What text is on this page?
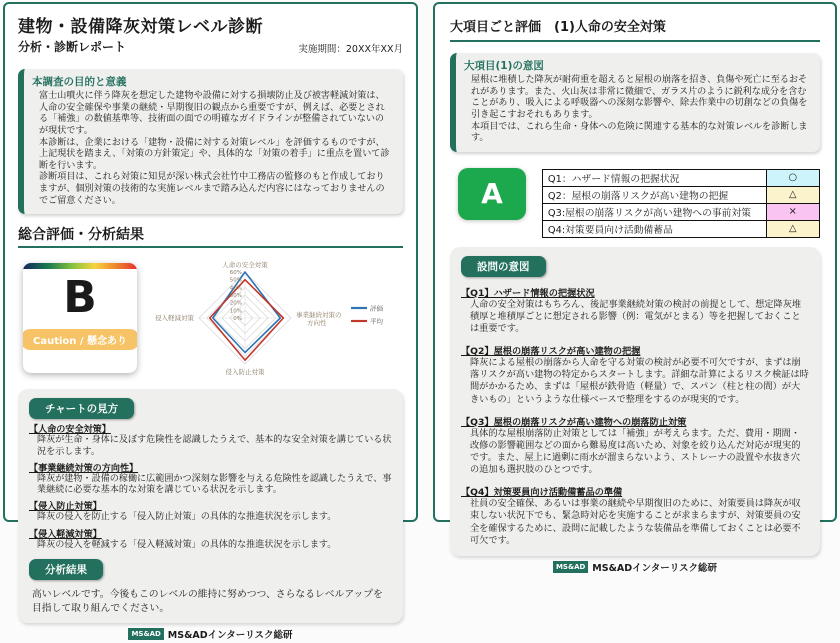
建物・設備降灰対策レベル診断
分析・診断レポート	実施期間：20XX年XX月
本調査の目的と意義

富士山噴火に伴う降灰を想定した建物や設備に対する損壊防止及び被害軽減対策は、人命の安全確保や事業の継続・早期復旧の観点から重要ですが、例えば、必要とされる「補強」の数値基準等、技術面の面での明確なガイドラインが整備されていないのが現状です。

本診断は、企業における「建物・設備に対する対策レベル」を評価するものですが、上記現状を踏まえ、「対策の方針策定」や、具体的な「対策の着手」に重点を置いて診断を行います。

診断項目は、これら対策に知見が深い株式会社竹中工務店の監修のもと作成しておりますが、個別対策の技術的な実施レベルまで踏み込んだ内容にはなっておりませんのでご留意ください。

総合評価・分析結果
B
Caution / 懸念あり
60%
50%
40%
30%
20%
10%
0%
人命の安全対策
事業継続対策の
方向性
侵入防止対策
侵入軽減対策
評価
平均
チャートの見方
【人命の安全対策】
降灰が生命・身体に及ぼす危険性を認識したうえで、基本的な安全対策を講じている状況を示します。
【事業継続対策の方向性】
降灰が建物・設備の稼働に広範囲かつ深刻な影響を与える危険性を認識したうえで、事業継続に必要な基本的な対策を講じている状況を示します。
【侵入防止対策】
降灰の侵入を防止する「侵入防止対策」の具体的な推進状況を示します。
【侵入軽減対策】
降灰の侵入を軽減する「侵入軽減対策」の具体的な推進状況を示します。
分析結果

高いレベルです。今後もこのレベルの維持に努めつつ、さらなるレベルアップを目指して取り組んでください。

MS&AD MS&ADインターリスク総研
大項目ごと評価　(1)人命の安全対策
大項目(1)の意図

屋根に堆積した降灰が耐荷重を超えると屋根の崩落を招き、負傷や死亡に至るおそれがあります。また、火山灰は非常に微細で、ガラス片のように鋭利な成分を含むことがあり、吸入による呼吸器への深刻な影響や、除去作業中の切創などの負傷を引き起こすおそれもあります。

本項目では、これら生命・身体への危険に関連する基本的な対策レベルを診断します。

A	Q1：ハザード情報の把握状況	○
Q2：屋根の崩落リスクが高い建物の把握	△
Q3:屋根の崩落リスクが高い建物への事前対策	×
Q4:対策要員向け活動備蓄品	△
設問の意図
【Q1】ハザード情報の把握状況
人命の安全対策はもちろん、後記事業継続対策の検討の前提として、想定降灰堆積厚と堆積厚ごとに想定される影響（例：電気がとまる）等を把握しておくことは重要です。
【Q2】屋根の崩落リスクが高い建物の把握
降灰による屋根の崩落から人命を守る対策の検討が必要不可欠ですが、まずは崩落リスクが高い建物の特定からスタートします。詳細な計算によるリスク検証は時間がかかるため、まずは「屋根が鉄骨造（軽量）で、スパン（柱と柱の間）が大きいもの」というような仕様ベースで整理をするのが現実的です。
【Q3】屋根の崩落リスクが高い建物への崩落防止対策
具体的な屋根崩落防止対策としては「補強」が考えらます。ただ、費用・期間・改修の影響範囲などの面から難易度は高いため、対象を絞り込んだ対応が現実的です。また、屋上に過剰に雨水が溜まらないよう、ストレーナの設置や水抜き穴の追加も選択肢のひとつです。
【Q4】対策要員向け活動備蓄品の準備
社員の安全確保、あるいは事業の継続や早期復旧のために、対策要員は降灰が収束しない状況下でも、緊急時対応を実施することが求まらますが、対策要員の安全を確保するために、設問に記載したような装備品を準備しておくことは必要不可欠です。
MS&AD MS&ADインターリスク総研
